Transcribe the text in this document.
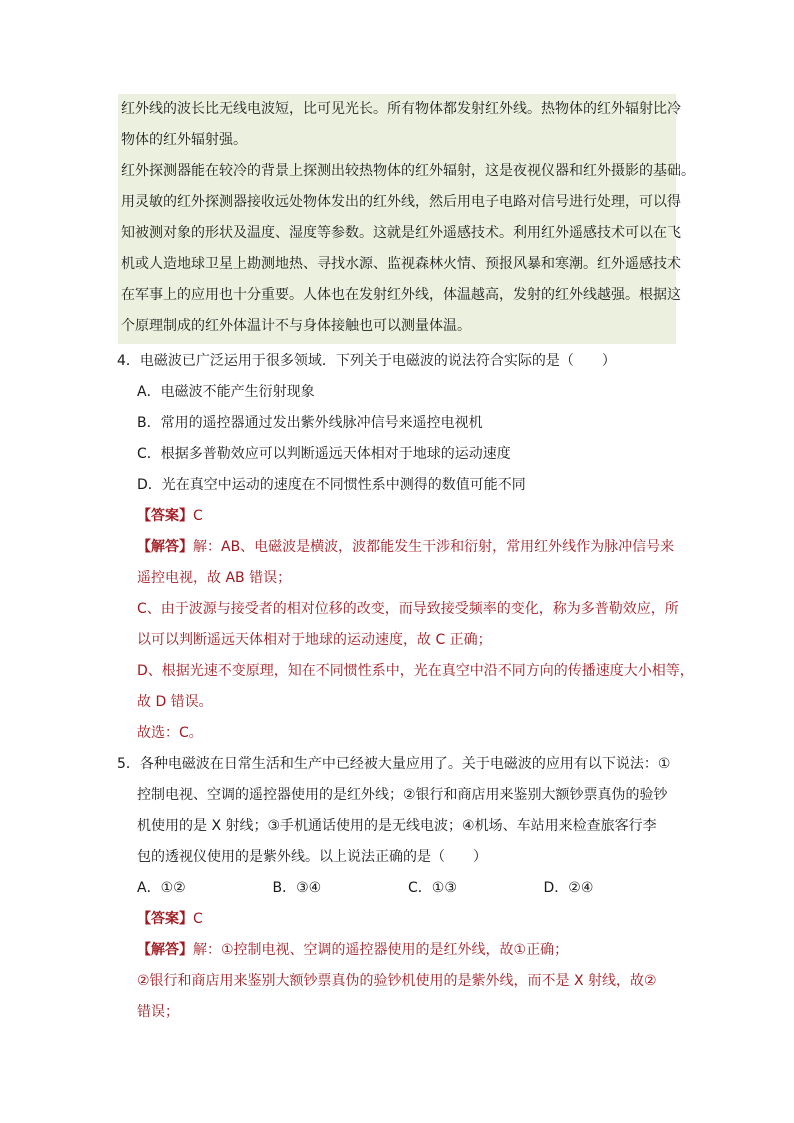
红外线的波长比无线电波短，比可见光长。所有物体都发射红外线。热物体的红外辐射比冷

物体的红外辐射强。

红外探测器能在较冷的背景上探测出较热物体的红外辐射，这是夜视仪器和红外摄影的基础。

用灵敏的红外探测器接收远处物体发出的红外线，然后用电子电路对信号进行处理，可以得

知被测对象的形状及温度、湿度等参数。这就是红外遥感技术。利用红外遥感技术可以在飞

机或人造地球卫星上勘测地热、寻找水源、监视森林火情、预报风暴和寒潮。红外遥感技术

在军事上的应用也十分重要。人体也在发射红外线，体温越高，发射的红外线越强。根据这

个原理制成的红外体温计不与身体接触也可以测量体温。

4．电磁波已广泛运用于很多领域．下列关于电磁波的说法符合实际的是（　　）
A．电磁波不能产生衍射现象
B．常用的遥控器通过发出紫外线脉冲信号来遥控电视机
C．根据多普勒效应可以判断遥远天体相对于地球的运动速度
D．光在真空中运动的速度在不同惯性系中测得的数值可能不同
【答案】C
【解答】解：AB、电磁波是横波，波都能发生干涉和衍射，常用红外线作为脉冲信号来
遥控电视，故 AB 错误；
C、由于波源与接受者的相对位移的改变，而导致接受频率的变化，称为多普勒效应，所
以可以判断遥远天体相对于地球的运动速度，故 C 正确；
D、根据光速不变原理，知在不同惯性系中，光在真空中沿不同方向的传播速度大小相等，
故 D 错误。
故选：C。
5．各种电磁波在日常生活和生产中已经被大量应用了。关于电磁波的应用有以下说法：①
控制电视、空调的遥控器使用的是红外线；②银行和商店用来鉴别大额钞票真伪的验钞
机使用的是 X 射线；③手机通话使用的是无线电波；④机场、车站用来检查旅客行李
包的透视仪使用的是紫外线。以上说法正确的是（　　）
A．①②	B．③④	C．①③	D．②④
【答案】C
【解答】解：①控制电视、空调的遥控器使用的是红外线，故①正确；
②银行和商店用来鉴别大额钞票真伪的验钞机使用的是紫外线，而不是 X 射线，故②
错误；
